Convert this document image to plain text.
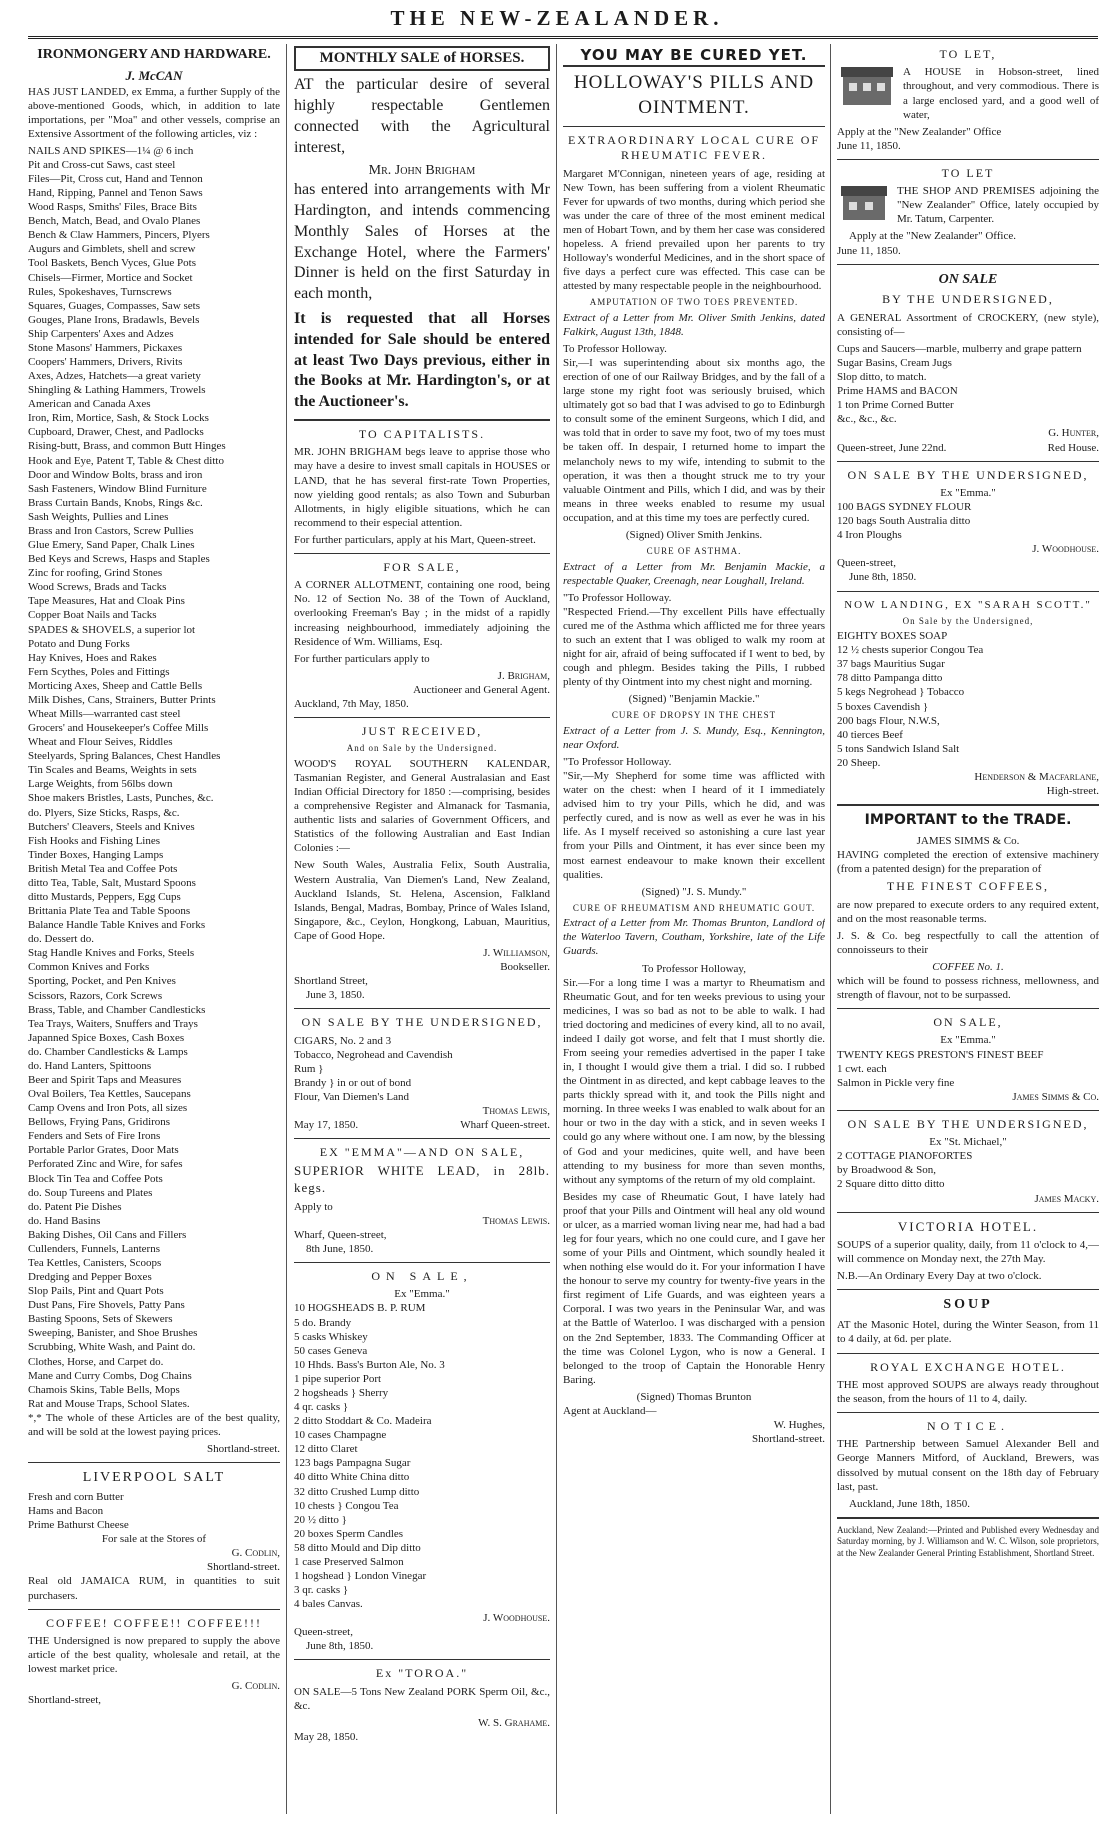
THE NEW-ZEALANDER.
IRONMONGERY AND HARDWARE.
J. McCAN

HAS JUST LANDED, ex Emma, a further Supply of the above-mentioned Goods, which, in addition to late importations, per "Moa" and other vessels, comprise an Extensive Assortment of the following articles, viz :

NAILS AND SPIKES—1¼ @ 6 inch
Pit and Cross-cut Saws, cast steel
Files—Pit, Cross cut, Hand and Tennon
Hand, Ripping, Pannel and Tenon Saws
Wood Rasps, Smiths' Files, Brace Bits
Bench, Match, Bead, and Ovalo Planes
Bench & Claw Hammers, Pincers, Plyers
Augurs and Gimblets, shell and screw
Tool Baskets, Bench Vyces, Glue Pots
Chisels—Firmer, Mortice and Socket
Rules, Spokeshaves, Turnscrews
Squares, Guages, Compasses, Saw sets
Gouges, Plane Irons, Bradawls, Bevels
Ship Carpenters' Axes and Adzes
Stone Masons' Hammers, Pickaxes
Coopers' Hammers, Drivers, Rivits
Axes, Adzes, Hatchets—a great variety
Shingling & Lathing Hammers, Trowels
American and Canada Axes
Iron, Rim, Mortice, Sash, & Stock Locks
Cupboard, Drawer, Chest, and Padlocks
Rising-butt, Brass, and common Butt Hinges
Hook and Eye, Patent T, Table & Chest ditto
Door and Window Bolts, brass and iron
Sash Fasteners, Window Blind Furniture
Brass Curtain Bands, Knobs, Rings &c.
Sash Weights, Pullies and Lines
Brass and Iron Castors, Screw Pullies
Glue Emery, Sand Paper, Chalk Lines
Bed Keys and Screws, Hasps and Staples
Zinc for roofing, Grind Stones
Wood Screws, Brads and Tacks
Tape Measures, Hat and Cloak Pins
Copper Boat Nails and Tacks
SPADES & SHOVELS, a superior lot
Potato and Dung Forks
Hay Knives, Hoes and Rakes
Fern Scythes, Poles and Fittings
Morticing Axes, Sheep and Cattle Bells
Milk Dishes, Cans, Strainers, Butter Prints
Wheat Mills—warranted cast steel
Grocers' and Housekeeper's Coffee Mills
Wheat and Flour Seives, Riddles
Steelyards, Spring Balances, Chest Handles
Tin Scales and Beams, Weights in sets
Large Weights, from 56lbs down
Shoe makers Bristles, Lasts, Punches, &c.
do. Plyers, Size Sticks, Rasps, &c.
Butchers' Cleavers, Steels and Knives
Fish Hooks and Fishing Lines
Tinder Boxes, Hanging Lamps
British Metal Tea and Coffee Pots
ditto Tea, Table, Salt, Mustard Spoons
ditto Mustards, Peppers, Egg Cups
Brittania Plate Tea and Table Spoons
Balance Handle Table Knives and Forks
do. Dessert do.
Stag Handle Knives and Forks, Steels
Common Knives and Forks
Sporting, Pocket, and Pen Knives
Scissors, Razors, Cork Screws
Brass, Table, and Chamber Candlesticks
Tea Trays, Waiters, Snuffers and Trays
Japanned Spice Boxes, Cash Boxes
do. Chamber Candlesticks & Lamps
do. Hand Lanters, Spittoons
Beer and Spirit Taps and Measures
Oval Boilers, Tea Kettles, Saucepans
Camp Ovens and Iron Pots, all sizes
Bellows, Frying Pans, Gridirons
Fenders and Sets of Fire Irons
Portable Parlor Grates, Door Mats
Perforated Zinc and Wire, for safes
Block Tin Tea and Coffee Pots
do. Soup Tureens and Plates
do. Patent Pie Dishes
do. Hand Basins
Baking Dishes, Oil Cans and Fillers
Cullenders, Funnels, Lanterns
Tea Kettles, Canisters, Scoops
Dredging and Pepper Boxes
Slop Pails, Pint and Quart Pots
Dust Pans, Fire Shovels, Patty Pans
Basting Spoons, Sets of Skewers
Sweeping, Banister, and Shoe Brushes
Scrubbing, White Wash, and Paint do.
Clothes, Horse, and Carpet do.
Mane and Curry Combs, Dog Chains
Chamois Skins, Table Bells, Mops
Rat and Mouse Traps, School Slates.

*,* The whole of these Articles are of the best quality, and will be sold at the lowest paying prices.

Shortland-street.
LIVERPOOL SALT
Fresh and corn Butter
Hams and Bacon
Prime Bathurst Cheese
For sale at the Stores of
G. Codlin,
Shortland-street.

Real old JAMAICA RUM, in quantities to suit purchasers.

COFFEE! COFFEE!! COFFEE!!!

THE Undersigned is now prepared to supply the above article of the best quality, wholesale and retail, at the lowest market price.

G. Codlin.
Shortland-street,
MONTHLY SALE of HORSES.

AT the particular desire of several highly respectable Gentlemen connected with the Agricultural interest,

Mr. John Brigham

has entered into arrangements with Mr Hardington, and intends commencing Monthly Sales of Horses at the Exchange Hotel, where the Farmers' Dinner is held on the first Saturday in each month,

It is requested that all Horses intended for Sale should be entered at least Two Days previous, either in the Books at Mr. Hardington's, or at the Auctioneer's.

TO CAPITALISTS.

MR. JOHN BRIGHAM begs leave to apprise those who may have a desire to invest small capitals in HOUSES or LAND, that he has several first-rate Town Properties, now yielding good rentals; as also Town and Suburban Allotments, in higly eligible situations, which he can recommend to their especial attention.

For further particulars, apply at his Mart, Queen-street.

FOR SALE,

A CORNER ALLOTMENT, containing one rood, being No. 12 of Section No. 38 of the Town of Auckland, overlooking Freeman's Bay ; in the midst of a rapidly increasing neighbourhood, immediately adjoining the Residence of Wm. Williams, Esq.

For further particulars apply to

J. Brigham,
Auctioneer and General Agent.
Auckland, 7th May, 1850.
JUST RECEIVED,
And on Sale by the Undersigned.

WOOD'S ROYAL SOUTHERN KALENDAR, Tasmanian Register, and General Australasian and East Indian Official Directory for 1850 :—comprising, besides a comprehensive Register and Almanack for Tasmania, authentic lists and salaries of Government Officers, and Statistics of the following Australian and East Indian Colonies :—

New South Wales, Australia Felix, South Australia, Western Australia, Van Diemen's Land, New Zealand, Auckland Islands, St. Helena, Ascension, Falkland Islands, Bengal, Madras, Bombay, Prince of Wales Island, Singapore, &c., Ceylon, Hongkong, Labuan, Mauritius, Cape of Good Hope.

J. Williamson,
Bookseller.
Shortland Street,
June 3, 1850.
ON SALE BY THE UNDERSIGNED,
CIGARS, No. 2 and 3
Tobacco, Negrohead and Cavendish
Rum }
Brandy } in or out of bond
Flour, Van Diemen's Land
Thomas Lewis,
May 17, 1850.	Wharf Queen-street.
EX "EMMA"—AND ON SALE,

SUPERIOR WHITE LEAD, in 28lb. kegs.

Apply to
Thomas Lewis.
Wharf, Queen-street,
8th June, 1850.
ON SALE,
Ex "Emma."
10 HOGSHEADS B. P. RUM
5 do. Brandy
5 casks Whiskey
50 cases Geneva
10 Hhds. Bass's Burton Ale, No. 3
1 pipe superior Port
2 hogsheads } Sherry
4 qr. casks }
2 ditto Stoddart & Co. Madeira
10 cases Champagne
12 ditto Claret
123 bags Pampagna Sugar
40 ditto White China ditto
32 ditto Crushed Lump ditto
10 chests } Congou Tea
20 ½ ditto }
20 boxes Sperm Candles
58 ditto Mould and Dip ditto
1 case Preserved Salmon
1 hogshead } London Vinegar
3 qr. casks }
4 bales Canvas.
J. Woodhouse.
Queen-street,
June 8th, 1850.
Ex "TOROA."

ON SALE—5 Tons New Zealand PORK Sperm Oil, &c., &c.

W. S. Grahame.
May 28, 1850.
YOU MAY BE CURED YET.
HOLLOWAY'S PILLS AND OINTMENT.
EXTRAORDINARY LOCAL CURE OF RHEUMATIC FEVER.

Margaret M'Connigan, nineteen years of age, residing at New Town, has been suffering from a violent Rheumatic Fever for upwards of two months, during which period she was under the care of three of the most eminent medical men of Hobart Town, and by them her case was considered hopeless. A friend prevailed upon her parents to try Holloway's wonderful Medicines, and in the short space of five days a perfect cure was effected. This case can be attested by many respectable people in the neighbourhood.

AMPUTATION OF TWO TOES PREVENTED.

Extract of a Letter from Mr. Oliver Smith Jenkins, dated Falkirk, August 13th, 1848.

To Professor Holloway.

Sir,—I was superintending about six months ago, the erection of one of our Railway Bridges, and by the fall of a large stone my right foot was seriously bruised, which ultimately got so bad that I was advised to go to Edinburgh to consult some of the eminent Surgeons, which I did, and was told that in order to save my foot, two of my toes must be taken off. In despair, I returned home to impart the melancholy news to my wife, intending to submit to the operation, it was then a thought struck me to try your valuable Ointment and Pills, which I did, and was by their means in three weeks enabled to resume my usual occupation, and at this time my toes are perfectly cured.

(Signed) Oliver Smith Jenkins.
CURE OF ASTHMA.

Extract of a Letter from Mr. Benjamin Mackie, a respectable Quaker, Creenagh, near Loughall, Ireland.

"To Professor Holloway.

"Respected Friend.—Thy excellent Pills have effectually cured me of the Asthma which afflicted me for three years to such an extent that I was obliged to walk my room at night for air, afraid of being suffocated if I went to bed, by cough and phlegm. Besides taking the Pills, I rubbed plenty of thy Ointment into my chest night and morning.

(Signed) "Benjamin Mackie."
CURE OF DROPSY IN THE CHEST

Extract of a Letter from J. S. Mundy, Esq., Kennington, near Oxford.

"To Professor Holloway.

"Sir,—My Shepherd for some time was afflicted with water on the chest: when I heard of it I immediately advised him to try your Pills, which he did, and was perfectly cured, and is now as well as ever he was in his life. As I myself received so astonishing a cure last year from your Pills and Ointment, it has ever since been my most earnest endeavour to make known their excellent qualities.

(Signed) "J. S. Mundy."
CURE OF RHEUMATISM AND RHEUMATIC GOUT.

Extract of a Letter from Mr. Thomas Brunton, Landlord of the Waterloo Tavern, Coutham, Yorkshire, late of the Life Guards.

To Professor Holloway,

Sir.—For a long time I was a martyr to Rheumatism and Rheumatic Gout, and for ten weeks previous to using your medicines, I was so bad as not to be able to walk. I had tried doctoring and medicines of every kind, all to no avail, indeed I daily got worse, and felt that I must shortly die. From seeing your remedies advertised in the paper I take in, I thought I would give them a trial. I did so. I rubbed the Ointment in as directed, and kept cabbage leaves to the parts thickly spread with it, and took the Pills night and morning. In three weeks I was enabled to walk about for an hour or two in the day with a stick, and in seven weeks I could go any where without one. I am now, by the blessing of God and your medicines, quite well, and have been attending to my business for more than seven months, without any symptoms of the return of my old complaint.

Besides my case of Rheumatic Gout, I have lately had proof that your Pills and Ointment will heal any old wound or ulcer, as a married woman living near me, had had a bad leg for four years, which no one could cure, and I gave her some of your Pills and Ointment, which soundly healed it when nothing else would do it. For your information I have the honour to serve my country for twenty-five years in the first regiment of Life Guards, and was eighteen years a Corporal. I was two years in the Peninsular War, and was at the Battle of Waterloo. I was discharged with a pension on the 2nd September, 1833. The Commanding Officer at the time was Colonel Lygon, who is now a General. I belonged to the troop of Captain the Honorable Henry Baring.

(Signed) Thomas Brunton
Agent at Auckland—
W. Hughes,
Shortland-street.
TO LET,

A HOUSE in Hobson-street, lined throughout, and very commodious. There is a large enclosed yard, and a good well of water,

Apply at the "New Zealander" Office
June 11, 1850.
TO LET

THE SHOP AND PREMISES adjoining the "New Zealander" Office, lately occupied by Mr. Tatum, Carpenter.

Apply at the "New Zealander" Office.
June 11, 1850.
ON SALE
BY THE UNDERSIGNED,

A GENERAL Assortment of CROCKERY, (new style), consisting of—

Cups and Saucers—marble, mulberry and grape pattern
Sugar Basins, Cream Jugs
Slop ditto, to match.
Prime HAMS and BACON
1 ton Prime Corned Butter
&c., &c., &c.
G. Hunter,
Queen-street, June 22nd.	Red House.
ON SALE BY THE UNDERSIGNED,
Ex "Emma."
100 BAGS SYDNEY FLOUR
120 bags South Australia ditto
4 Iron Ploughs
J. Woodhouse.
Queen-street,
June 8th, 1850.
NOW LANDING, EX "SARAH SCOTT."
On Sale by the Undersigned,
EIGHTY BOXES SOAP
12 ½ chests superior Congou Tea
37 bags Mauritius Sugar
78 ditto Pampanga ditto
5 kegs Negrohead } Tobacco
5 boxes Cavendish }
200 bags Flour, N.W.S,
40 tierces Beef
5 tons Sandwich Island Salt
20 Sheep.
Henderson & Macfarlane,
High-street.
IMPORTANT to the TRADE.
JAMES SIMMS & Co.

HAVING completed the erection of extensive machinery (from a patented design) for the preparation of

THE FINEST COFFEES,

are now prepared to execute orders to any required extent, and on the most reasonable terms.

J. S. & Co. beg respectfully to call the attention of connoisseurs to their

COFFEE No. 1.

which will be found to possess richness, mellowness, and strength of flavour, not to be surpassed.

ON SALE,
Ex "Emma."
TWENTY KEGS PRESTON'S FINEST BEEF
1 cwt. each
Salmon in Pickle very fine
James Simms & Co.
ON SALE BY THE UNDERSIGNED,
Ex "St. Michael,"
2 COTTAGE PIANOFORTES
by Broadwood & Son,
2 Square ditto ditto ditto
James Macky.
VICTORIA HOTEL.

SOUPS of a superior quality, daily, from 11 o'clock to 4,—will commence on Monday next, the 27th May.

N.B.—An Ordinary Every Day at two o'clock.

SOUP

AT the Masonic Hotel, during the Winter Season, from 11 to 4 daily, at 6d. per plate.

ROYAL EXCHANGE HOTEL.

THE most approved SOUPS are always ready throughout the season, from the hours of 11 to 4, daily.

NOTICE.

THE Partnership between Samuel Alexander Bell and George Manners Mitford, of Auckland, Brewers, was dissolved by mutual consent on the 18th day of February last, past.

Auckland, June 18th, 1850.

Auckland, New Zealand:—Printed and Published every Wednesday and Saturday morning, by J. Williamson and W. C. Wilson, sole proprietors, at the New Zealander General Printing Establishment, Shortland Street.
